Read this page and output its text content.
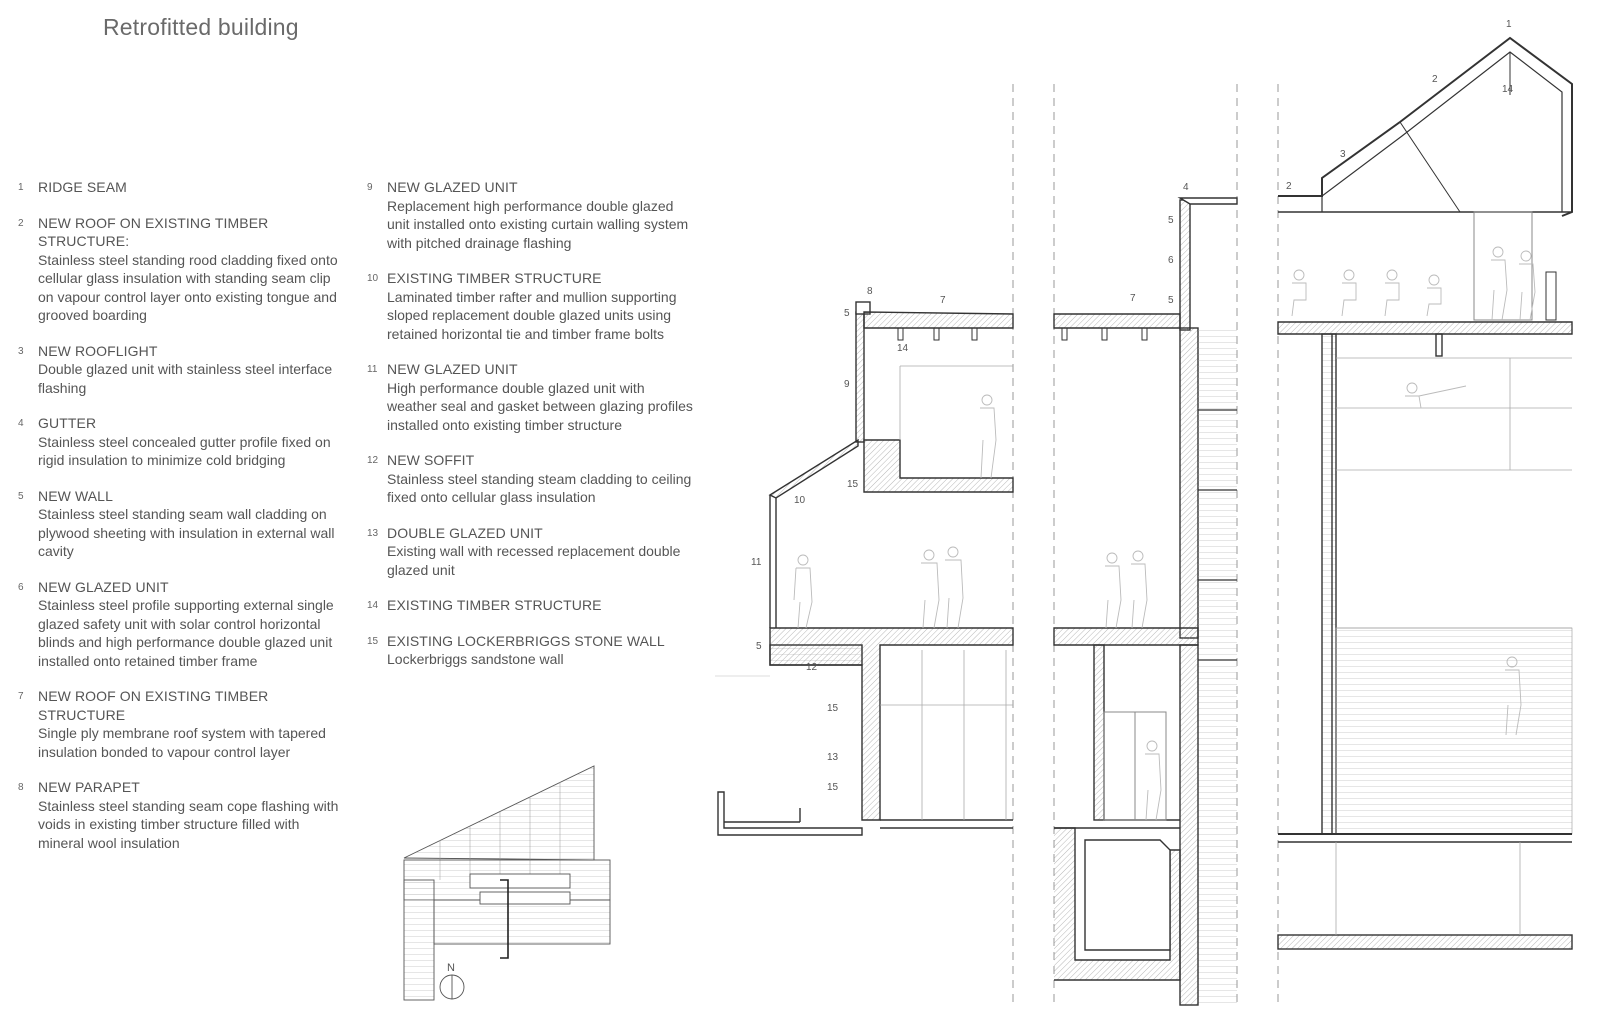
Retrofitted building
1 RIDGE SEAM
2 NEW ROOF ON EXISTING TIMBER STRUCTURE:
Stainless steel standing rood cladding fixed onto cellular glass insulation with standing seam clip on vapour control layer onto existing tongue and grooved boarding
3 NEW ROOFLIGHT
Double glazed unit with stainless steel interface flashing
4 GUTTER
Stainless steel concealed gutter profile fixed on rigid insulation to minimize cold bridging
5 NEW WALL
Stainless steel standing seam wall cladding on plywood sheeting with insulation in external wall cavity
6 NEW GLAZED UNIT
Stainless steel profile supporting external single glazed safety unit with solar control horizontal blinds and high performance double glazed unit installed onto retained timber frame
7 NEW ROOF ON EXISTING TIMBER STRUCTURE
Single ply membrane roof system with tapered insulation bonded to vapour control layer
8 NEW PARAPET
Stainless steel standing seam cope flashing with voids in existing timber structure filled with mineral wool insulation
9 NEW GLAZED UNIT
Replacement high performance double glazed unit installed onto existing curtain walling system with pitched drainage flashing
10 EXISTING TIMBER STRUCTURE
Laminated timber rafter and mullion supporting sloped replacement double glazed units using retained horizontal tie and timber frame bolts
11 NEW GLAZED UNIT
High performance double glazed unit with weather seal and gasket between glazing profiles installed onto existing timber structure
12 NEW SOFFIT
Stainless steel standing steam cladding to ceiling fixed onto cellular glass insulation
13 DOUBLE GLAZED UNIT
Existing wall with recessed replacement double glazed unit
14 EXISTING TIMBER STRUCTURE
15 EXISTING LOCKERBRIGGS STONE WALL
Lockerbriggs sandstone wall
1
14
2
3
2
4
5
6
5
7
7
8
5
14
9
15
10
11
5
12
15
13
15
N
